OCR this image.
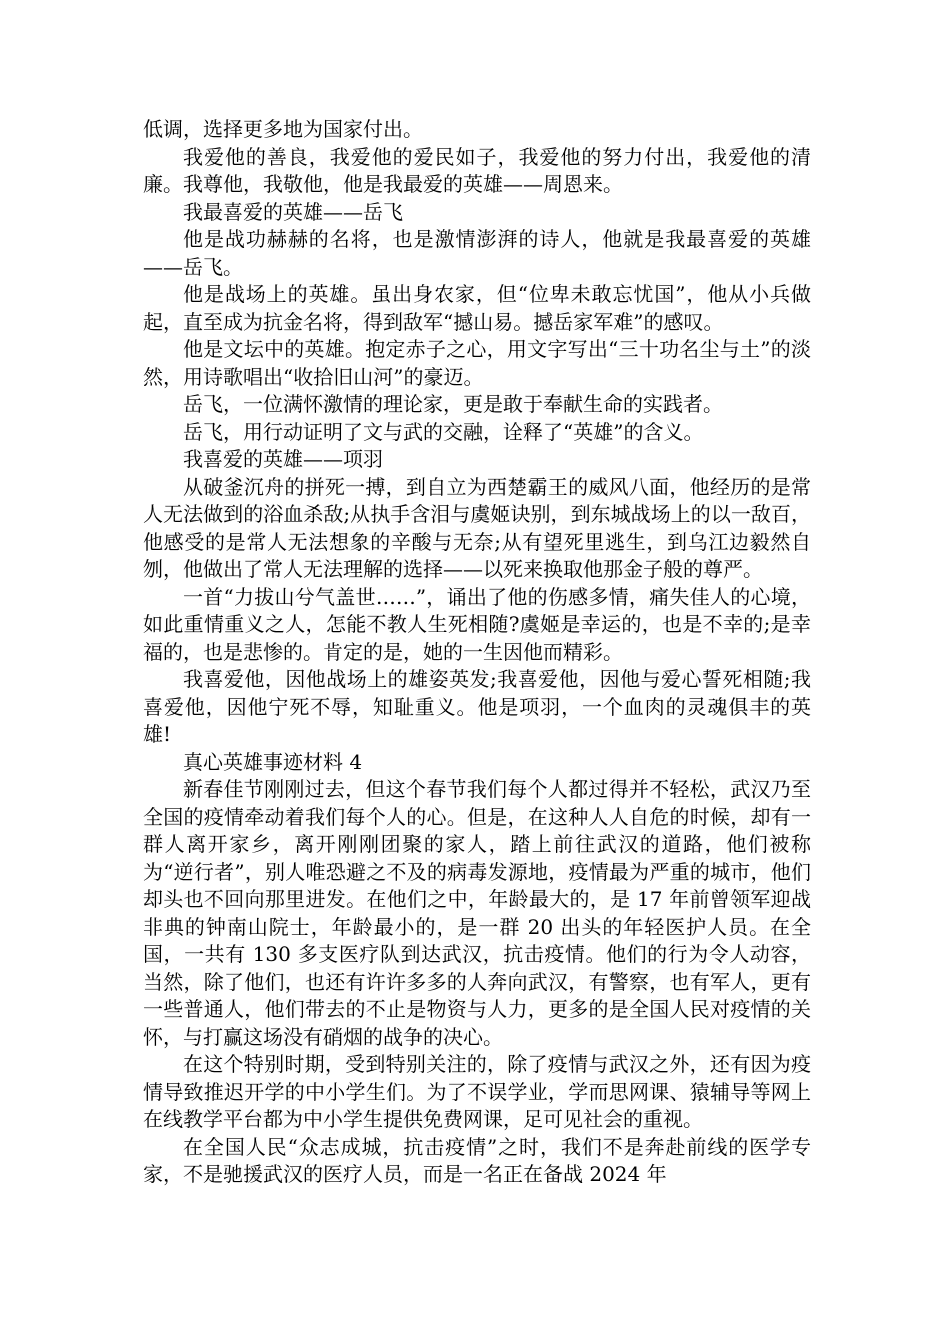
低调，选择更多地为国家付出。

我爱他的善良，我爱他的爱民如子，我爱他的努力付出，我爱他的清廉。我尊他，我敬他，他是我最爱的英雄——周恩来。

我最喜爱的英雄——岳飞

他是战功赫赫的名将，也是激情澎湃的诗人，他就是我最喜爱的英雄——岳飞。

他是战场上的英雄。虽出身农家，但“位卑未敢忘忧国”，他从小兵做起，直至成为抗金名将，得到敌军“撼山易。撼岳家军难”的感叹。

他是文坛中的英雄。抱定赤子之心，用文字写出“三十功名尘与土”的淡然，用诗歌唱出“收拾旧山河”的豪迈。

岳飞，一位满怀激情的理论家，更是敢于奉献生命的实践者。

岳飞，用行动证明了文与武的交融，诠释了“英雄”的含义。

我喜爱的英雄——项羽

从破釜沉舟的拼死一搏，到自立为西楚霸王的威风八面，他经历的是常人无法做到的浴血杀敌;从执手含泪与虞姬诀别，到东城战场上的以一敌百，他感受的是常人无法想象的辛酸与无奈;从有望死里逃生，到乌江边毅然自刎，他做出了常人无法理解的选择——以死来换取他那金子般的尊严。

一首“力拔山兮气盖世……”，诵出了他的伤感多情，痛失佳人的心境，如此重情重义之人，怎能不教人生死相随?虞姬是幸运的，也是不幸的;是幸福的，也是悲惨的。肯定的是，她的一生因他而精彩。

我喜爱他，因他战场上的雄姿英发;我喜爱他，因他与爱心誓死相随;我喜爱他，因他宁死不辱，知耻重义。他是项羽，一个血肉的灵魂俱丰的英雄!

真心英雄事迹材料 4

新春佳节刚刚过去，但这个春节我们每个人都过得并不轻松，武汉乃至全国的疫情牵动着我们每个人的心。但是，在这种人人自危的时候，却有一群人离开家乡，离开刚刚团聚的家人，踏上前往武汉的道路，他们被称为“逆行者”，别人唯恐避之不及的病毒发源地，疫情最为严重的城市，他们却头也不回向那里进发。在他们之中，年龄最大的，是 17 年前曾领军迎战非典的钟南山院士，年龄最小的，是一群 20 出头的年轻医护人员。在全国，一共有 130 多支医疗队到达武汉，抗击疫情。他们的行为令人动容，当然，除了他们，也还有许许多多的人奔向武汉，有警察，也有军人，更有一些普通人，他们带去的不止是物资与人力，更多的是全国人民对疫情的关怀，与打赢这场没有硝烟的战争的决心。

在这个特别时期，受到特别关注的，除了疫情与武汉之外，还有因为疫情导致推迟开学的中小学生们。为了不误学业，学而思网课、猿辅导等网上在线教学平台都为中小学生提供免费网课，足可见社会的重视。

在全国人民“众志成城，抗击疫情”之时，我们不是奔赴前线的医学专家，不是驰援武汉的医疗人员，而是一名正在备战 2024 年
